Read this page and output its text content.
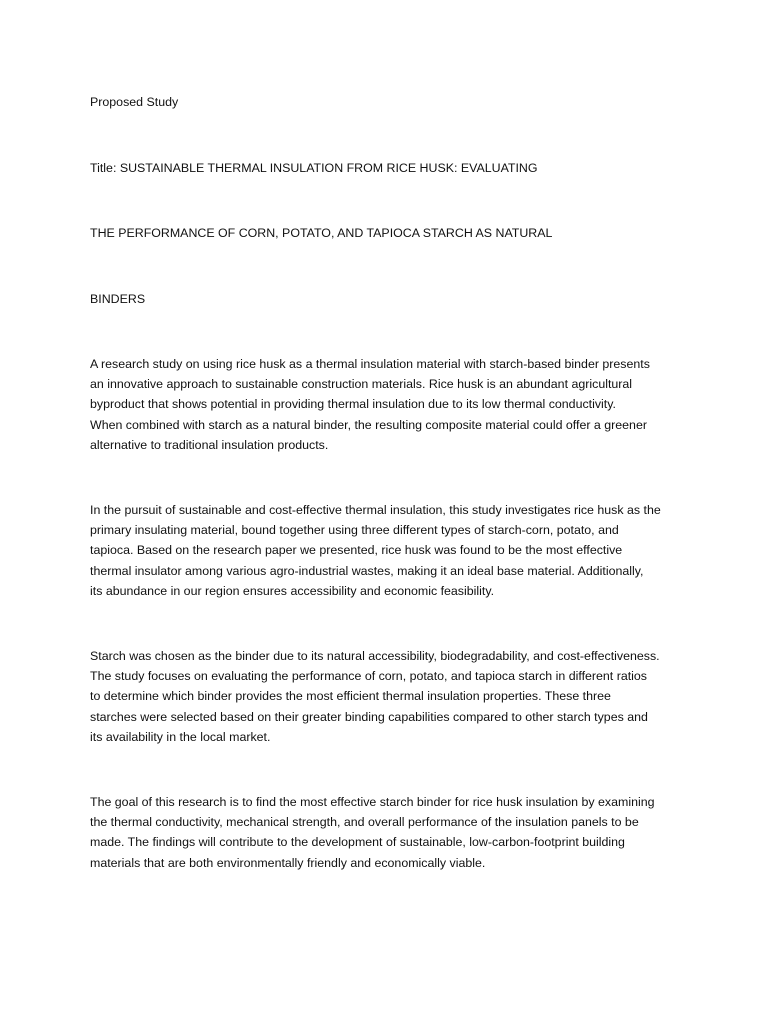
Proposed Study

Title: SUSTAINABLE THERMAL INSULATION FROM RICE HUSK: EVALUATING

THE PERFORMANCE OF CORN, POTATO, AND TAPIOCA STARCH AS NATURAL

BINDERS

A research study on using rice husk as a thermal insulation material with starch-based binder presents
an innovative approach to sustainable construction materials. Rice husk is an abundant agricultural
byproduct that shows potential in providing thermal insulation due to its low thermal conductivity.
When combined with starch as a natural binder, the resulting composite material could offer a greener
alternative to traditional insulation products.
In the pursuit of sustainable and cost-effective thermal insulation, this study investigates rice husk as the
primary insulating material, bound together using three different types of starch-corn, potato, and
tapioca. Based on the research paper we presented, rice husk was found to be the most effective
thermal insulator among various agro-industrial wastes, making it an ideal base material. Additionally,
its abundance in our region ensures accessibility and economic feasibility.
Starch was chosen as the binder due to its natural accessibility, biodegradability, and cost-effectiveness.
The study focuses on evaluating the performance of corn, potato, and tapioca starch in different ratios
to determine which binder provides the most efficient thermal insulation properties. These three
starches were selected based on their greater binding capabilities compared to other starch types and
its availability in the local market.
The goal of this research is to find the most effective starch binder for rice husk insulation by examining
the thermal conductivity, mechanical strength, and overall performance of the insulation panels to be
made. The findings will contribute to the development of sustainable, low-carbon-footprint building
materials that are both environmentally friendly and economically viable.
